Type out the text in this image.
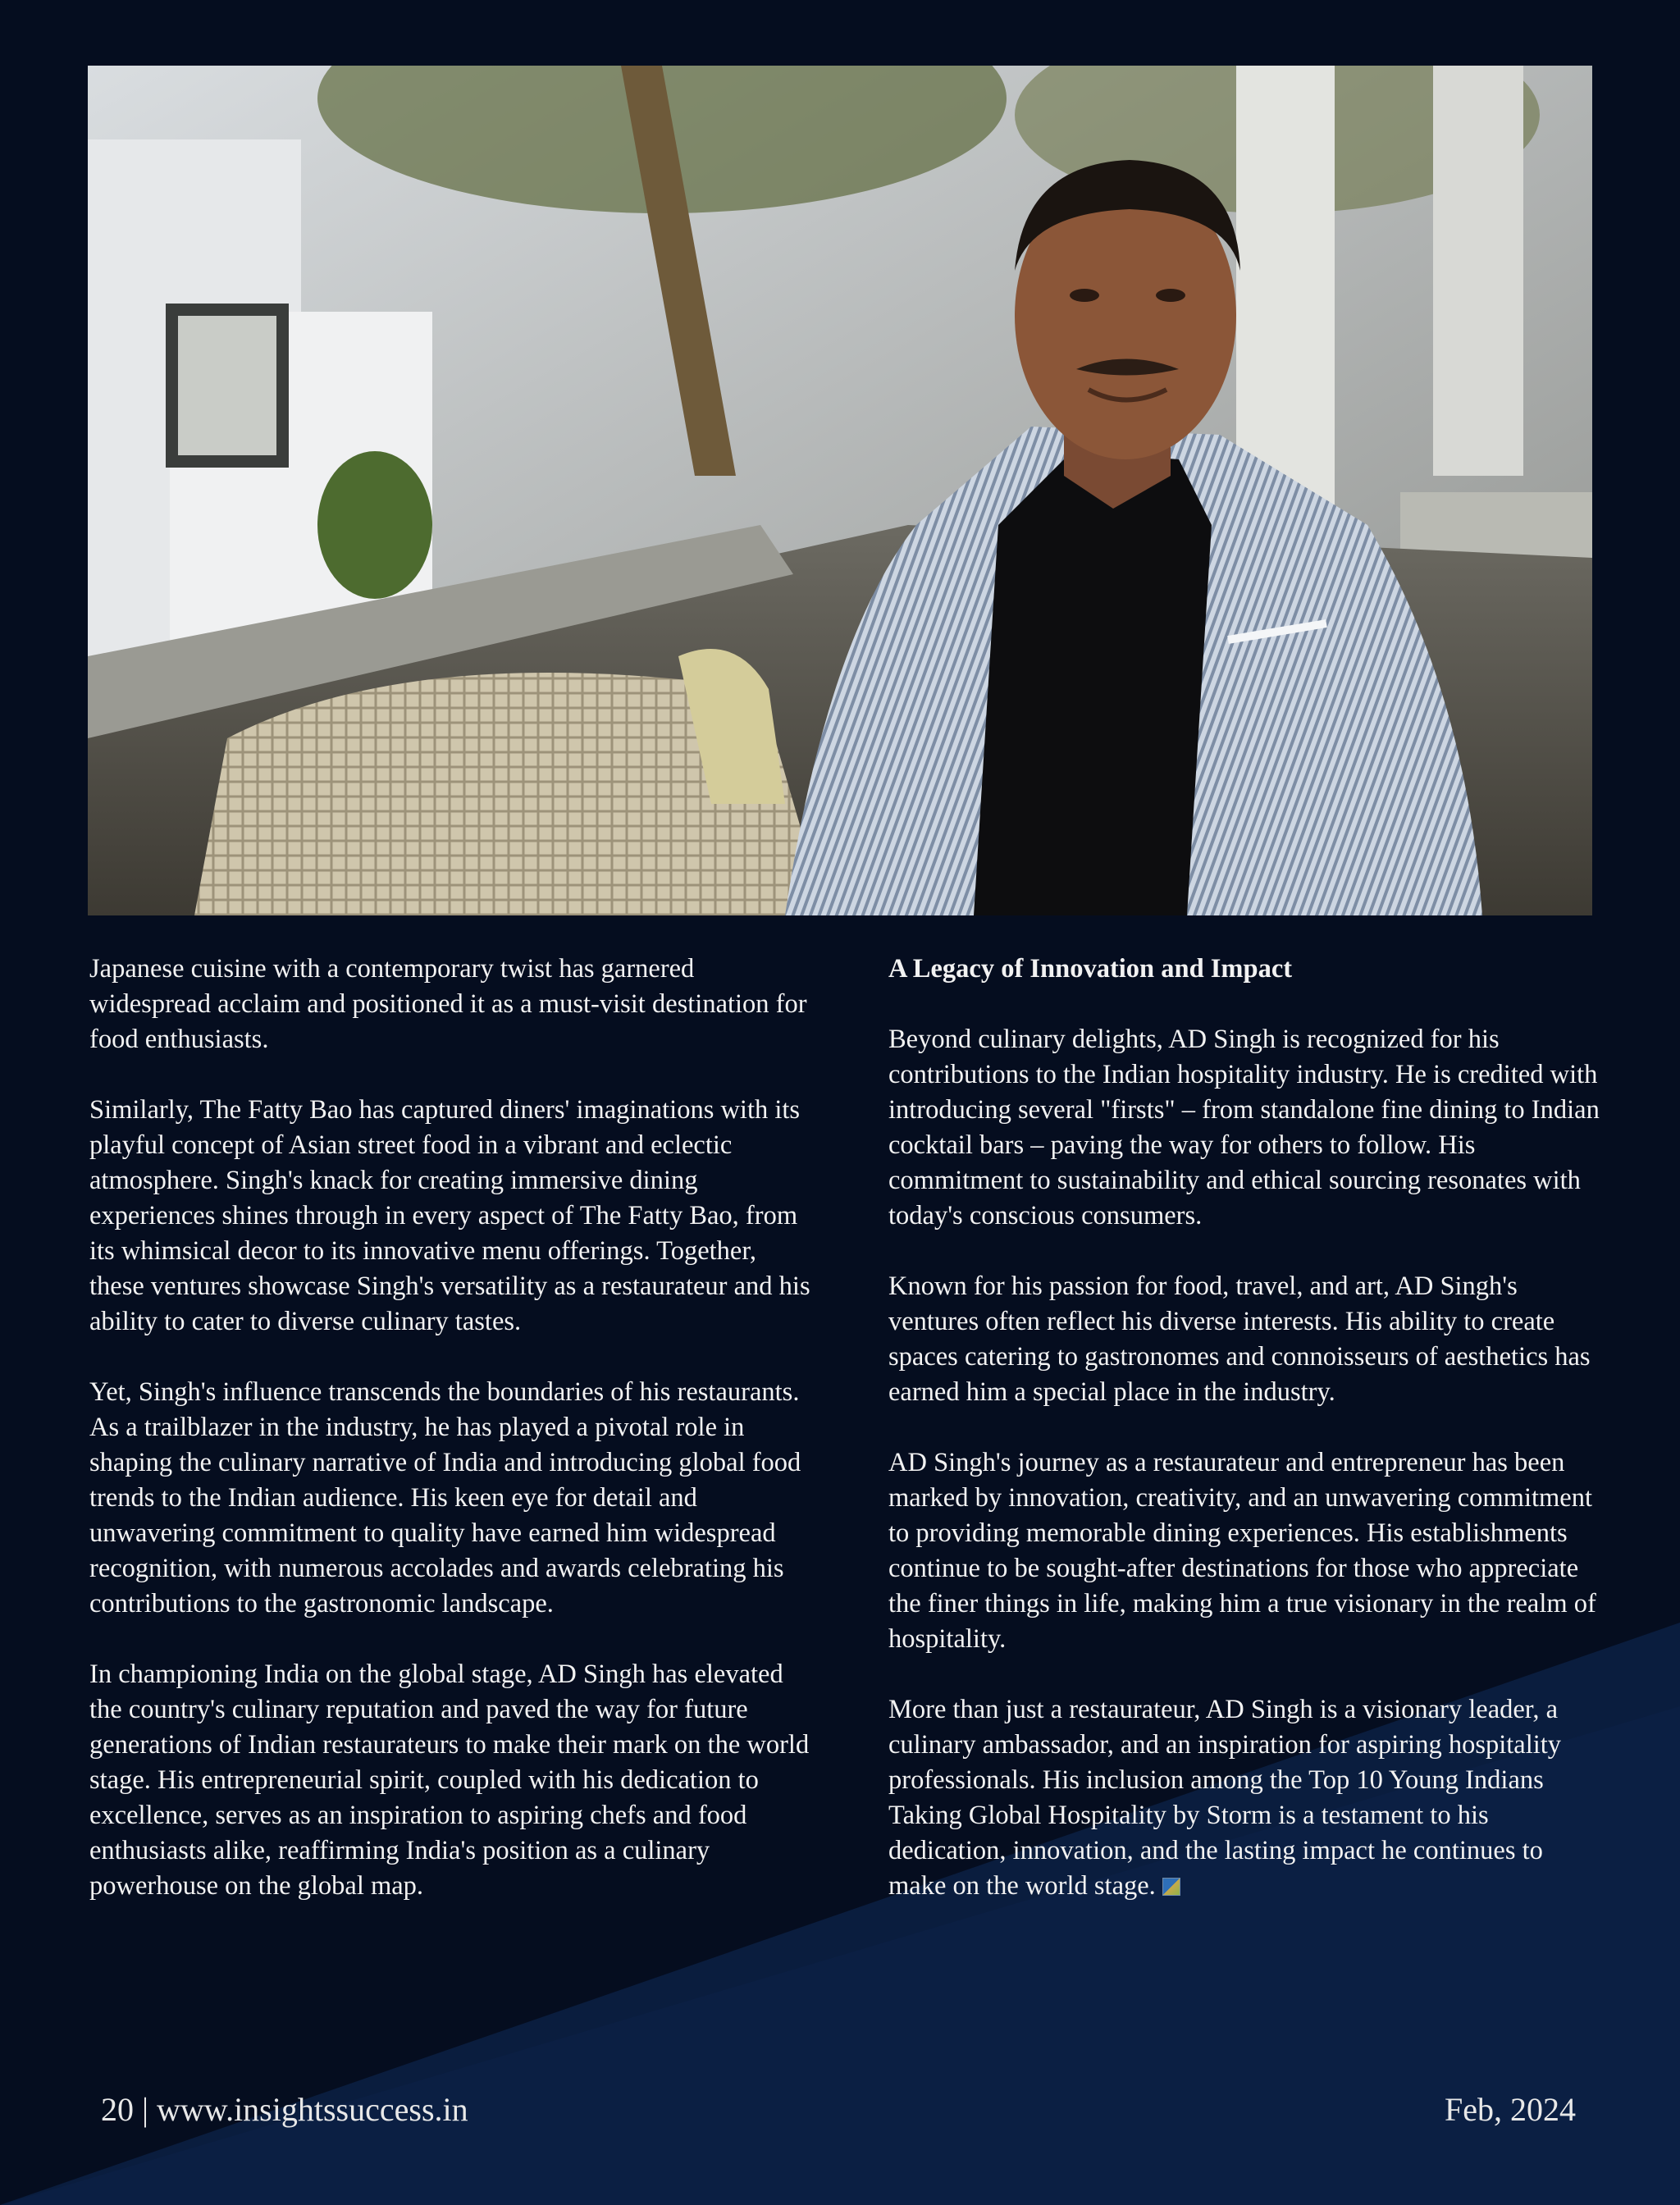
Japanese cuisine with a contemporary twist has garnered widespread acclaim and positioned it as a must-visit destination for food enthusiasts.

Similarly, The Fatty Bao has captured diners' imaginations with its playful concept of Asian street food in a vibrant and eclectic atmosphere. Singh's knack for creating immersive dining experiences shines through in every aspect of The Fatty Bao, from its whimsical decor to its innovative menu offerings. Together, these ventures showcase Singh's versatility as a restaurateur and his ability to cater to diverse culinary tastes.

Yet, Singh's influence transcends the boundaries of his restaurants. As a trailblazer in the industry, he has played a pivotal role in shaping the culinary narrative of India and introducing global food trends to the Indian audience. His keen eye for detail and unwavering commitment to quality have earned him widespread recognition, with numerous accolades and awards celebrating his contributions to the gastronomic landscape.

In championing India on the global stage, AD Singh has elevated the country's culinary reputation and paved the way for future generations of Indian restaurateurs to make their mark on the world stage. His entrepreneurial spirit, coupled with his dedication to excellence, serves as an inspiration to aspiring chefs and food enthusiasts alike, reaffirming India's position as a culinary powerhouse on the global map.

A Legacy of Innovation and Impact

Beyond culinary delights, AD Singh is recognized for his contributions to the Indian hospitality industry. He is credited with introducing several "firsts" – from standalone fine dining to Indian cocktail bars – paving the way for others to follow. His commitment to sustainability and ethical sourcing resonates with today's conscious consumers.

Known for his passion for food, travel, and art, AD Singh's ventures often reflect his diverse interests. His ability to create spaces catering to gastronomes and connoisseurs of aesthetics has earned him a special place in the industry.

AD Singh's journey as a restaurateur and entrepreneur has been marked by innovation, creativity, and an unwavering commitment to providing memorable dining experiences. His establishments continue to be sought-after destinations for those who appreciate the finer things in life, making him a true visionary in the realm of hospitality.

More than just a restaurateur, AD Singh is a visionary leader, a culinary ambassador, and an inspiration for aspiring hospitality professionals. His inclusion among the Top 10 Young Indians Taking Global Hospitality by Storm is a testament to his dedication, innovation, and the lasting impact he continues to make on the world stage.

20 | www.insightssuccess.in	Feb, 2024
